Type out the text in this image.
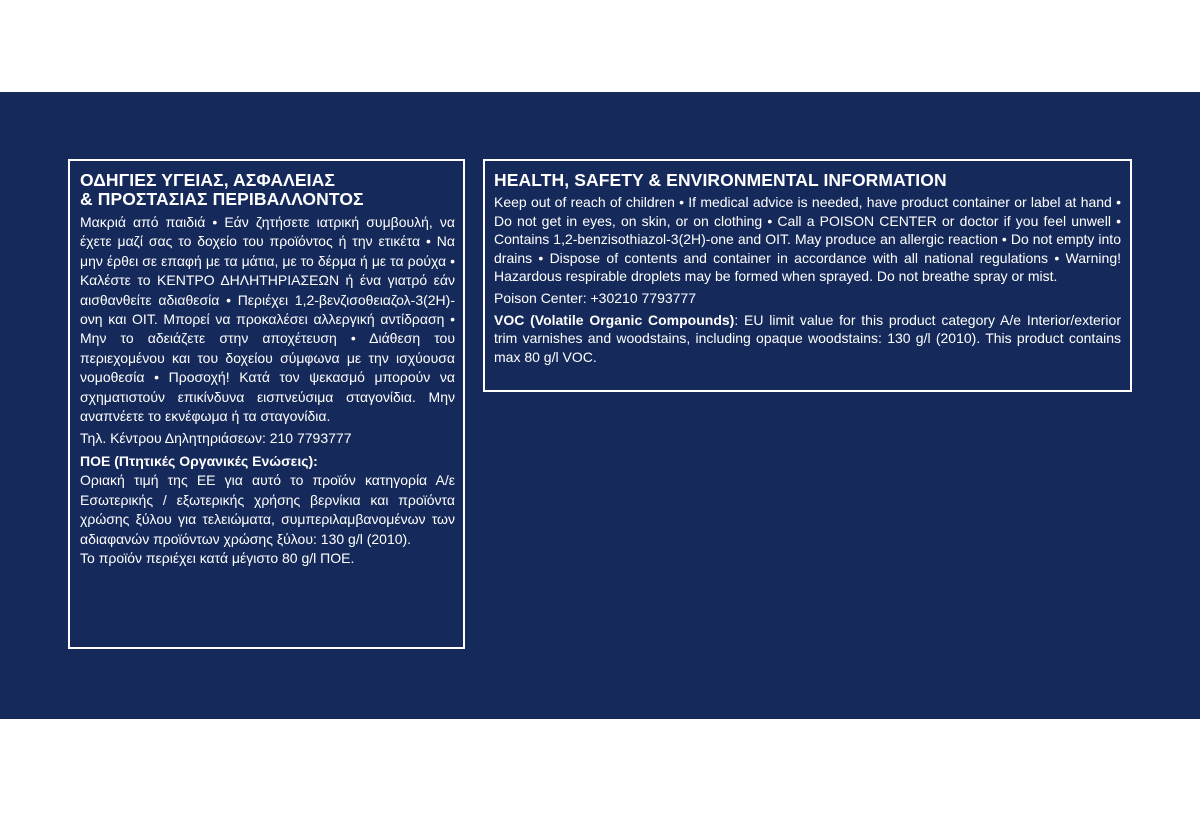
ΟΔΗΓΙΕΣ ΥΓΕΙΑΣ, ΑΣΦΑΛΕΙΑΣ
& ΠΡΟΣΤΑΣΙΑΣ ΠΕΡΙΒΑΛΛΟΝΤΟΣ

Μακριά από παιδιά • Εάν ζητήσετε ιατρική συμβουλή, να έχετε μαζί σας το δοχείο του προϊόντος ή την ετικέτα • Να μην έρθει σε επαφή με τα μάτια, με το δέρμα ή με τα ρούχα • Καλέστε το ΚΕΝΤΡΟ ΔΗΛΗΤΗΡΙΑΣΕΩΝ ή ένα γιατρό εάν αισθανθείτε αδιαθεσία • Περιέχει 1,2-βενζισοθειαζολ-3(2Η)-ονη και ΟΙΤ. Μπορεί να προκαλέσει αλλεργική αντίδραση • Μην το αδειάζετε στην αποχέτευση • Διάθεση του περιεχομένου και του δοχείου σύμφωνα με την ισχύουσα νομοθεσία • Προσοχή! Κατά τον ψεκασμό μπορούν να σχηματιστούν επικίνδυνα εισπνεύσιμα σταγονίδια. Μην αναπνέετε το εκνέφωμα ή τα σταγονίδια.

Τηλ. Κέντρου Δηλητηριάσεων: 210 7793777

ΠΟΕ (Πτητικές Οργανικές Ενώσεις):

Οριακή τιμή της ΕΕ για αυτό το προϊόν κατηγορία Α/ε Εσωτερικής / εξωτερικής χρήσης βερνίκια και προϊόντα χρώσης ξύλου για τελειώματα, συμπεριλαμβανομένων των αδιαφανών προϊόντων χρώσης ξύλου: 130 g/l (2010).

Το προϊόν περιέχει κατά μέγιστο 80 g/l ΠΟΕ.

HEALTH, SAFETY & ENVIRONMENTAL INFORMATION

Keep out of reach of children • If medical advice is needed, have product container or label at hand • Do not get in eyes, on skin, or on clothing • Call a POISON CENTER or doctor if you feel unwell • Contains 1,2-benzisothiazol-3(2H)-one and OIT. May produce an allergic reaction • Do not empty into drains • Dispose of contents and container in accordance with all national regulations • Warning! Hazardous respirable droplets may be formed when sprayed. Do not breathe spray or mist.

Poison Center: +30210 7793777

VOC (Volatile Organic Compounds): EU limit value for this product category A/e Interior/exterior trim varnishes and woodstains, including opaque woodstains: 130 g/l (2010). This product contains max 80 g/l VOC.
